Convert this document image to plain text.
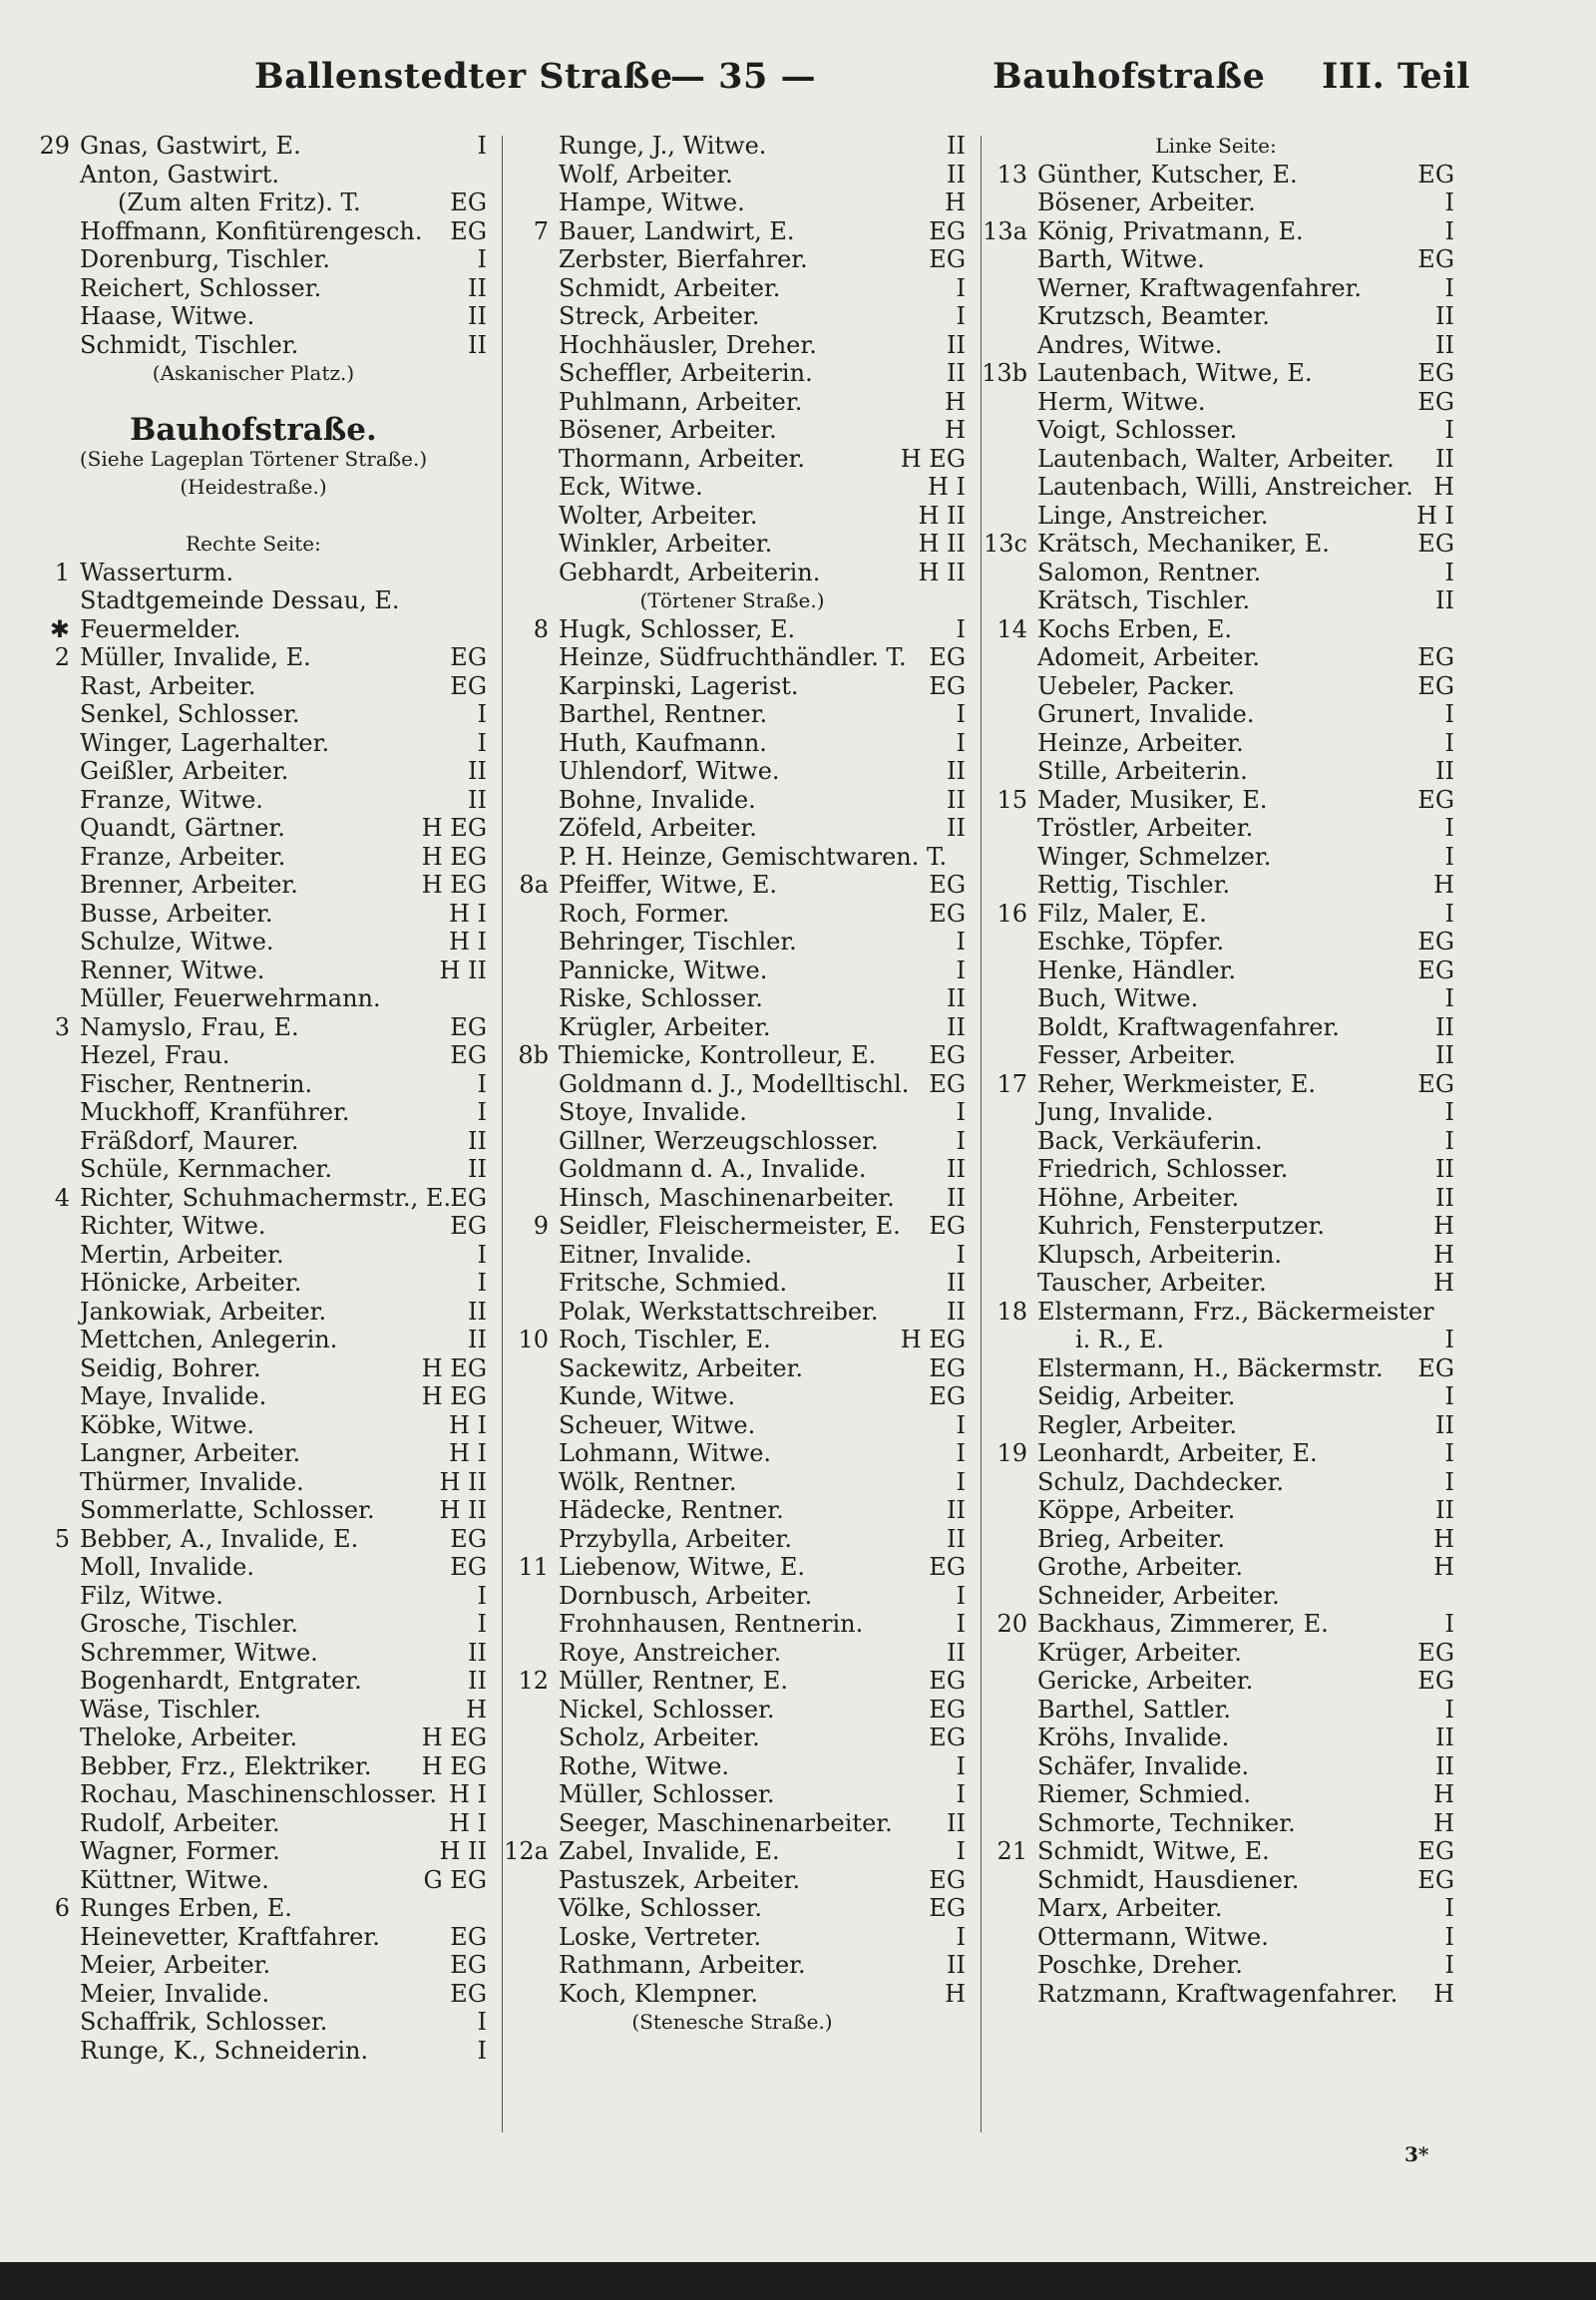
Ballenstedter Straße
— 35 —	Bauhofstraße III. Teil
29 Gnas, Gastwirt, E.	I
Anton, Gastwirt.
(Zum alten Fritz). T.	EG
Hoffmann, Konfitürengesch. EG
Dorenburg, Tischler.	I
Reichert, Schlosser.	II
Haase, Witwe.	II
Schmidt, Tischler.	II
(Askanischer Platz.)
Bauhofstraße.
(Siehe Lageplan Törtener Straße.)
(Heidestraße.)
Rechte Seite:
1 Wasserturm.
Stadtgemeinde Dessau, E.
✱ Feuermelder.
2 Müller, Invalide, E.	EG
Rast, Arbeiter.	EG
Senkel, Schlosser.	I
Winger, Lagerhalter.	I
Geißler, Arbeiter.	II
Franze, Witwe.	II
Quandt, Gärtner.	H EG
Franze, Arbeiter.	H EG
Brenner, Arbeiter.	H EG
Busse, Arbeiter.	H I
Schulze, Witwe.	H I
Renner, Witwe.	H II
Müller, Feuerwehrmann.
3 Namyslo, Frau, E.	EG
Hezel, Frau.	EG
Fischer, Rentnerin.	I
Muckhoff, Kranführer.	I
Fräßdorf, Maurer.	II
Schüle, Kernmacher.	II
4 Richter, Schuhmachermstr., E. EG
Richter, Witwe.	EG
Mertin, Arbeiter.	I
Hönicke, Arbeiter.	I
Jankowiak, Arbeiter.	II
Mettchen, Anlegerin.	II
Seidig, Bohrer.	H EG
Maye, Invalide.	H EG
Köbke, Witwe.	H I
Langner, Arbeiter.	H I
Thürmer, Invalide.	H II
Sommerlatte, Schlosser.	H II
5 Bebber, A., Invalide, E.	EG
Moll, Invalide.	EG
Filz, Witwe.	I
Grosche, Tischler.	I
Schremmer, Witwe.	II
Bogenhardt, Entgrater.	II
Wäse, Tischler.	H
Theloke, Arbeiter.	H EG
Bebber, Frz., Elektriker. H EG
Rochau, Maschinenschlosser. H I
Rudolf, Arbeiter.	H I
Wagner, Former.	H II
Küttner, Witwe.	G EG
6 Runges Erben, E.
Heinevetter, Kraftfahrer.	EG
Meier, Arbeiter.	EG
Meier, Invalide.	EG
Schaffrik, Schlosser.	I
Runge, K., Schneiderin.	I
Runge, J., Witwe.	II
Wolf, Arbeiter.	II
Hampe, Witwe.	H
7 Bauer, Landwirt, E.	EG
Zerbster, Bierfahrer.	EG
Schmidt, Arbeiter.	I
Streck, Arbeiter.	I
Hochhäusler, Dreher.	II
Scheffler, Arbeiterin.	II
Puhlmann, Arbeiter.	H
Bösener, Arbeiter.	H
Thormann, Arbeiter.	H EG
Eck, Witwe.	H I
Wolter, Arbeiter.	H II
Winkler, Arbeiter.	H II
Gebhardt, Arbeiterin.	H II
(Törtener Straße.)
8 Hugk, Schlosser, E.	I
Heinze, Südfruchthändler. T. EG
Karpinski, Lagerist.	EG
Barthel, Rentner.	I
Huth, Kaufmann.	I
Uhlendorf, Witwe.	II
Bohne, Invalide.	II
Zöfeld, Arbeiter.	II
P. H. Heinze, Gemischtwaren. T.
8a Pfeiffer, Witwe, E.	EG
Roch, Former.	EG
Behringer, Tischler.	I
Pannicke, Witwe.	I
Riske, Schlosser.	II
Krügler, Arbeiter.	II
8b Thiemicke, Kontrolleur, E. EG
Goldmann d. J., Modelltischl. EG
Stoye, Invalide.	I
Gillner, Werzeugschlosser.	I
Goldmann d. A., Invalide.	II
Hinsch, Maschinenarbeiter. II
9 Seidler, Fleischermeister, E. EG
Eitner, Invalide.	I
Fritsche, Schmied.	II
Polak, Werkstattschreiber.	II
10 Roch, Tischler, E.	H EG
Sackewitz, Arbeiter.	EG
Kunde, Witwe.	EG
Scheuer, Witwe.	I
Lohmann, Witwe.	I
Wölk, Rentner.	I
Hädecke, Rentner.	II
Przybylla, Arbeiter.	II
11 Liebenow, Witwe, E.	EG
Dornbusch, Arbeiter.	I
Frohnhausen, Rentnerin.	I
Roye, Anstreicher.	II
12 Müller, Rentner, E.	EG
Nickel, Schlosser.	EG
Scholz, Arbeiter.	EG
Rothe, Witwe.	I
Müller, Schlosser.	I
Seeger, Maschinenarbeiter. II
12a Zabel, Invalide, E.	I
Pastuszek, Arbeiter.	EG
Völke, Schlosser.	EG
Loske, Vertreter.	I
Rathmann, Arbeiter.	II
Koch, Klempner.	H
(Stenesche Straße.)
Linke Seite:
13 Günther, Kutscher, E.	EG
Bösener, Arbeiter.	I
13a König, Privatmann, E.	I
Barth, Witwe.	EG
Werner, Kraftwagenfahrer.	I
Krutzsch, Beamter.	II
Andres, Witwe.	II
13b Lautenbach, Witwe, E.	EG
Herm, Witwe.	EG
Voigt, Schlosser.	I
Lautenbach, Walter, Arbeiter. II
Lautenbach, Willi, Anstreicher. H
Linge, Anstreicher.	H I
13c Krätsch, Mechaniker, E.	EG
Salomon, Rentner.	I
Krätsch, Tischler.	II
14 Kochs Erben, E.
Adomeit, Arbeiter.	EG
Uebeler, Packer.	EG
Grunert, Invalide.	I
Heinze, Arbeiter.	I
Stille, Arbeiterin.	II
15 Mader, Musiker, E.	EG
Tröstler, Arbeiter.	I
Winger, Schmelzer.	I
Rettig, Tischler.	H
16 Filz, Maler, E.	I
Eschke, Töpfer.	EG
Henke, Händler.	EG
Buch, Witwe.	I
Boldt, Kraftwagenfahrer.	II
Fesser, Arbeiter.	II
17 Reher, Werkmeister, E.	EG
Jung, Invalide.	I
Back, Verkäuferin.	I
Friedrich, Schlosser.	II
Höhne, Arbeiter.	II
Kuhrich, Fensterputzer.	H
Klupsch, Arbeiterin.	H
Tauscher, Arbeiter.	H
18 Elstermann, Frz., Bäckermeister
i. R., E.	I
Elstermann, H., Bäckermstr. EG
Seidig, Arbeiter.	I
Regler, Arbeiter.	II
19 Leonhardt, Arbeiter, E.	I
Schulz, Dachdecker.	I
Köppe, Arbeiter.	II
Brieg, Arbeiter.	H
Grothe, Arbeiter.	H
Schneider, Arbeiter.
20 Backhaus, Zimmerer, E.	I
Krüger, Arbeiter.	EG
Gericke, Arbeiter.	EG
Barthel, Sattler.	I
Kröhs, Invalide.	II
Schäfer, Invalide.	II
Riemer, Schmied.	H
Schmorte, Techniker.	H
21 Schmidt, Witwe, E.	EG
Schmidt, Hausdiener.	EG
Marx, Arbeiter.	I
Ottermann, Witwe.	I
Poschke, Dreher.	I
Ratzmann, Kraftwagenfahrer. H
3*
